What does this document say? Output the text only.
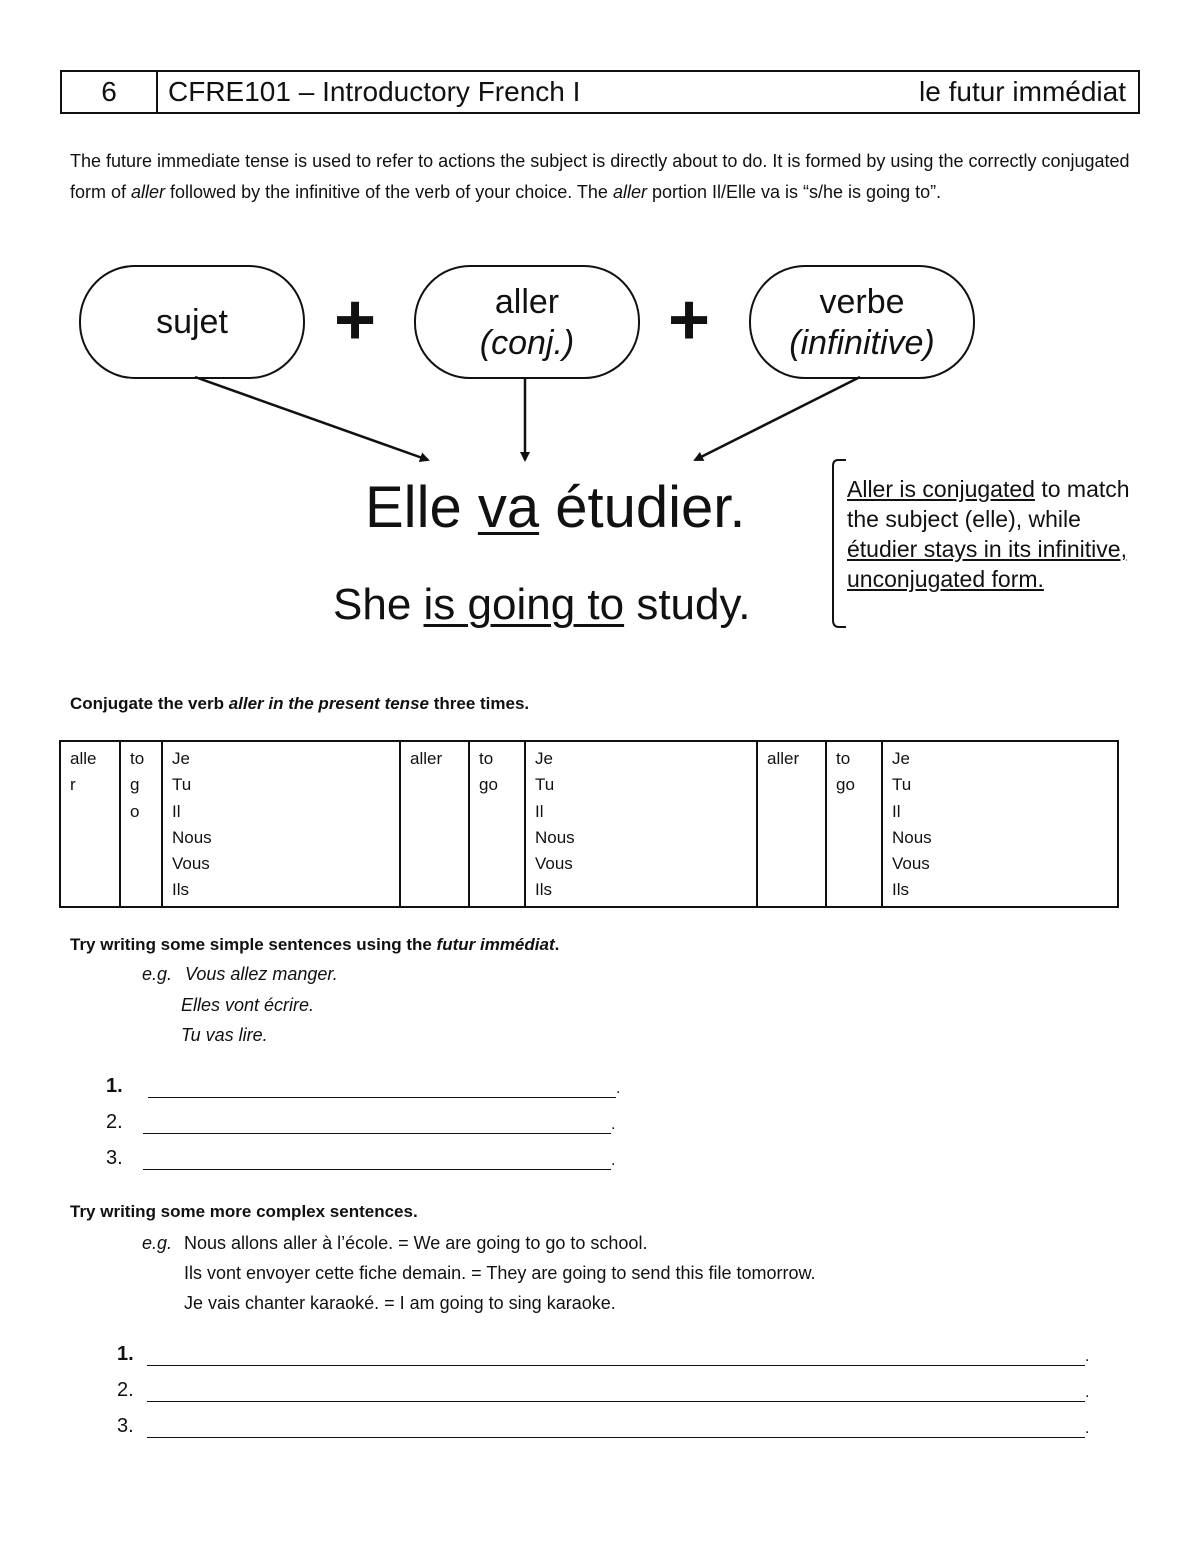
6	CFRE101 – Introductory French I	le futur immédiat
The future immediate tense is used to refer to actions the subject is directly about to do. It is formed by using the correctly conjugated form of aller followed by the infinitive of the verb of your choice. The aller portion Il/Elle va is “s/he is going to”.
sujet +	aller
(conj.) +	verbe
(infinitive)
Elle va étudier.
She is going to study.
Aller is conjugated to match the subject (elle), while étudier stays in its infinitive, unconjugated form.
Conjugate the verb aller in the present tense three times.
alle
r	to
g
o	Je
Tu
Il
Nous
Vous
Ils	aller	to
go	Je
Tu
Il
Nous
Vous
Ils	aller	to
go	Je
Tu
Il
Nous
Vous
Ils
Try writing some simple sentences using the futur immédiat.
e.g. Vous allez manger.
Elles vont écrire.
Tu vas lire.
1.	.
2.	.
3.	.
Try writing some more complex sentences.
e.g. Nous allons aller à l’école. = We are going to go to school.
Ils vont envoyer cette fiche demain. = They are going to send this file tomorrow.
Je vais chanter karaoké. = I am going to sing karaoke.
1.	.
2.	.
3.	.
